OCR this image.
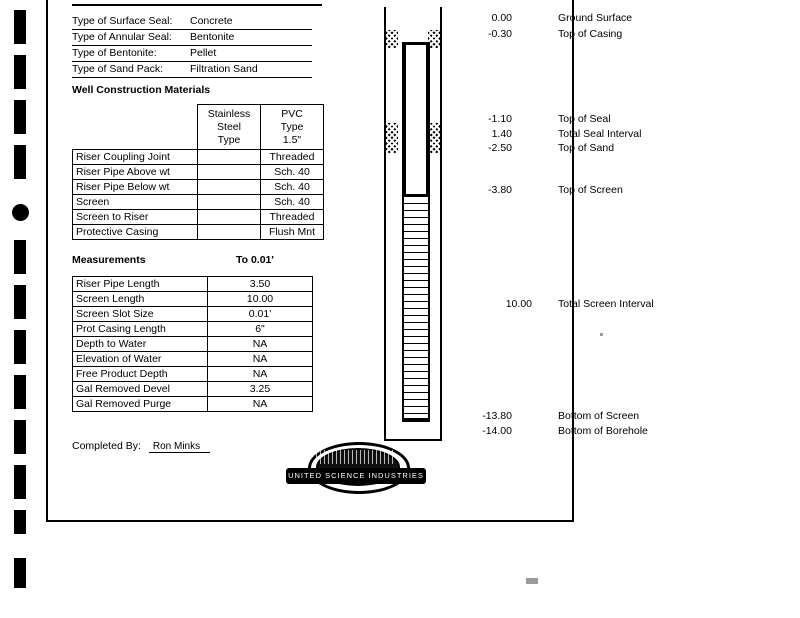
Type of Surface Seal: Concrete
Type of Annular Seal: Bentonite
Type of Bentonite:	Pellet
Type of Sand Pack:	Filtration Sand
Well Construction Materials

Stainless
Steel
Type

PVC
Type
1.5"

Riser Coupling Joint		Threaded
Riser Pipe Above wt		Sch. 40
Riser Pipe Below wt		Sch. 40
Screen		Sch. 40
Screen to Riser		Threaded
Protective Casing		Flush Mnt
Measurements	To 0.01'
Riser Pipe Length	3.50
Screen Length	10.00
Screen Slot Size	0.01'
Prot Casing Length	6"
Depth to Water	NA
Elevation of Water	NA
Free Product Depth	NA
Gal Removed Devel	3.25
Gal Removed Purge	NA
Completed By: Ron Minks
0.00	Ground Surface
-0.30	Top of Casing
-1.10	Top of Seal
1.40	Total Seal Interval
-2.50	Top of Sand
-3.80	Top of Screen
10.00 Total Screen Interval
-13.80	Bottom of Screen
-14.00	Bottom of Borehole
UNITED SCIENCE INDUSTRIES
